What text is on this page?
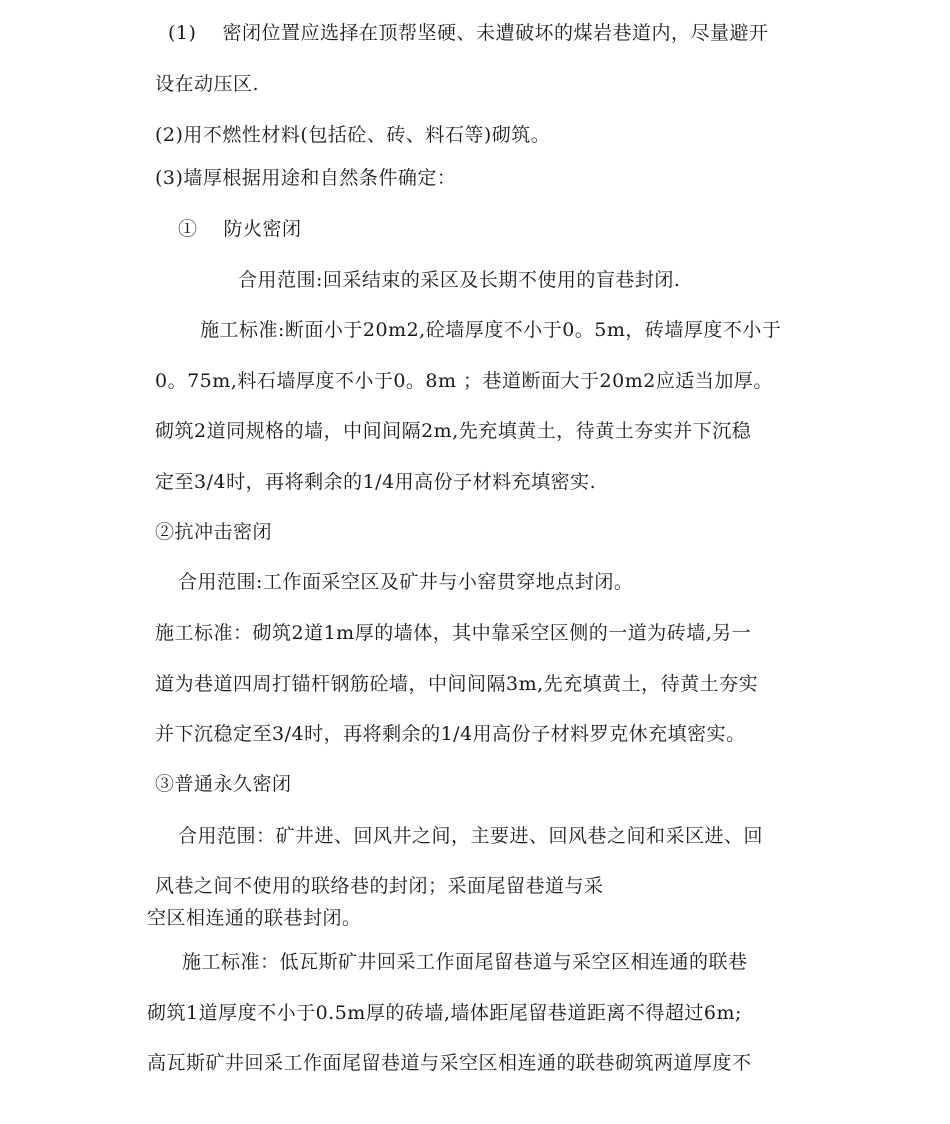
(1)　 密闭位置应选择在顶帮坚硬、未遭破坏的煤岩巷道内，尽量避开
设在动压区.
(2)用不燃性材料(包括砼、砖、料石等)砌筑。
(3)墙厚根据用途和自然条件确定：
①　 防火密闭
合用范围:回采结束的采区及长期不使用的盲巷封闭.
施工标准:断面小于20m2,砼墙厚度不小于0。5m，砖墙厚度不小于
0。75m,料石墙厚度不小于0。8m ；巷道断面大于20m2应适当加厚。
砌筑2道同规格的墙，中间间隔2m,先充填黄土，待黄土夯实并下沉稳
定至3/4时，再将剩余的1/4用高份子材料充填密实.
②抗冲击密闭
合用范围:工作面采空区及矿井与小窑贯穿地点封闭。
施工标准：砌筑2道1m厚的墙体，其中靠采空区侧的一道为砖墙,另一
道为巷道四周打锚杆钢筋砼墙，中间间隔3m,先充填黄土，待黄土夯实
并下沉稳定至3/4时，再将剩余的1/4用高份子材料罗克休充填密实。
③普通永久密闭
合用范围：矿井进、回风井之间，主要进、回风巷之间和采区进、回
风巷之间不使用的联络巷的封闭；采面尾留巷道与采
空区相连通的联巷封闭。
施工标准：低瓦斯矿井回采工作面尾留巷道与采空区相连通的联巷
砌筑1道厚度不小于0.5m厚的砖墙,墙体距尾留巷道距离不得超过6m;
高瓦斯矿井回采工作面尾留巷道与采空区相连通的联巷砌筑两道厚度不
